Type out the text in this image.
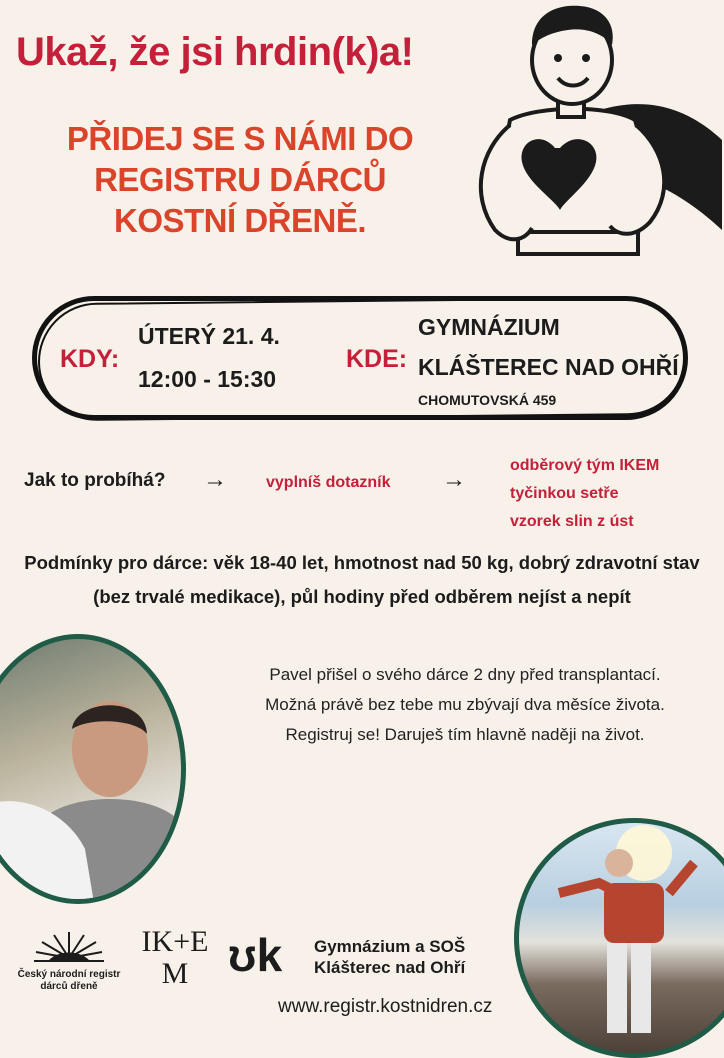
Ukaž, že jsi hrdin(k)a!
PŘIDEJ SE S NÁMI DO
REGISTRU DÁRCŮ
KOSTNÍ DŘENĚ.
KDY:
ÚTERÝ 21. 4.
12:00 - 15:30
KDE:
GYMNÁZIUM
KLÁŠTEREC NAD OHŘÍ
CHOMUTOVSKÁ 459
Jak to probíhá? → vyplníš dotazník →
odběrový tým IKEM
tyčinkou setře
vzorek slin z úst
Podmínky pro dárce: věk 18-40 let, hmotnost nad 50 kg, dobrý zdravotní stav
(bez trvalé medikace), půl hodiny před odběrem nejíst a nepít
Pavel přišel o svého dárce 2 dny před transplantací.
Možná právě bez tebe mu zbývají dva měsíce života.
Registruj se! Daruješ tím hlavně naději na život.
Český národní registr
dárců dřeně
IK+E
M ʊk Gymnázium a SOŠ
Klášterec nad Ohří
www.registr.kostnidren.cz
